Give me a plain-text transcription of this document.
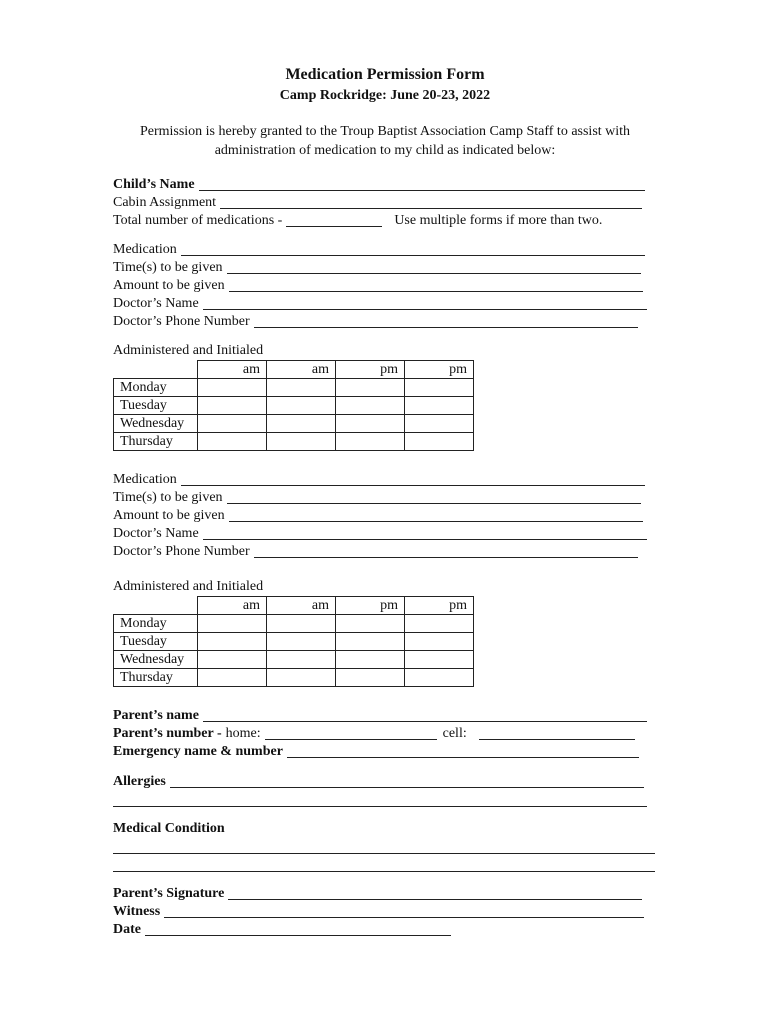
Medication Permission Form
Camp Rockridge: June 20-23, 2022
Permission is hereby granted to the Troup Baptist Association Camp Staff to assist with administration of medication to my child as indicated below:
Child’s Name
Cabin Assignment
Total number of medications -	Use multiple forms if more than two.
Medication
Time(s) to be given
Amount to be given
Doctor’s Name
Doctor’s Phone Number
Administered and Initialed
	am	am	pm	pm
Monday				
Tuesday				
Wednesday				
Thursday				
Medication
Time(s) to be given
Amount to be given
Doctor’s Name
Doctor’s Phone Number
Administered and Initialed
	am	am	pm	pm
Monday				
Tuesday				
Wednesday				
Thursday				
Parent’s name
Parent’s number - home:	cell:
Emergency name & number
Allergies
Medical Condition
Parent’s Signature
Witness
Date
